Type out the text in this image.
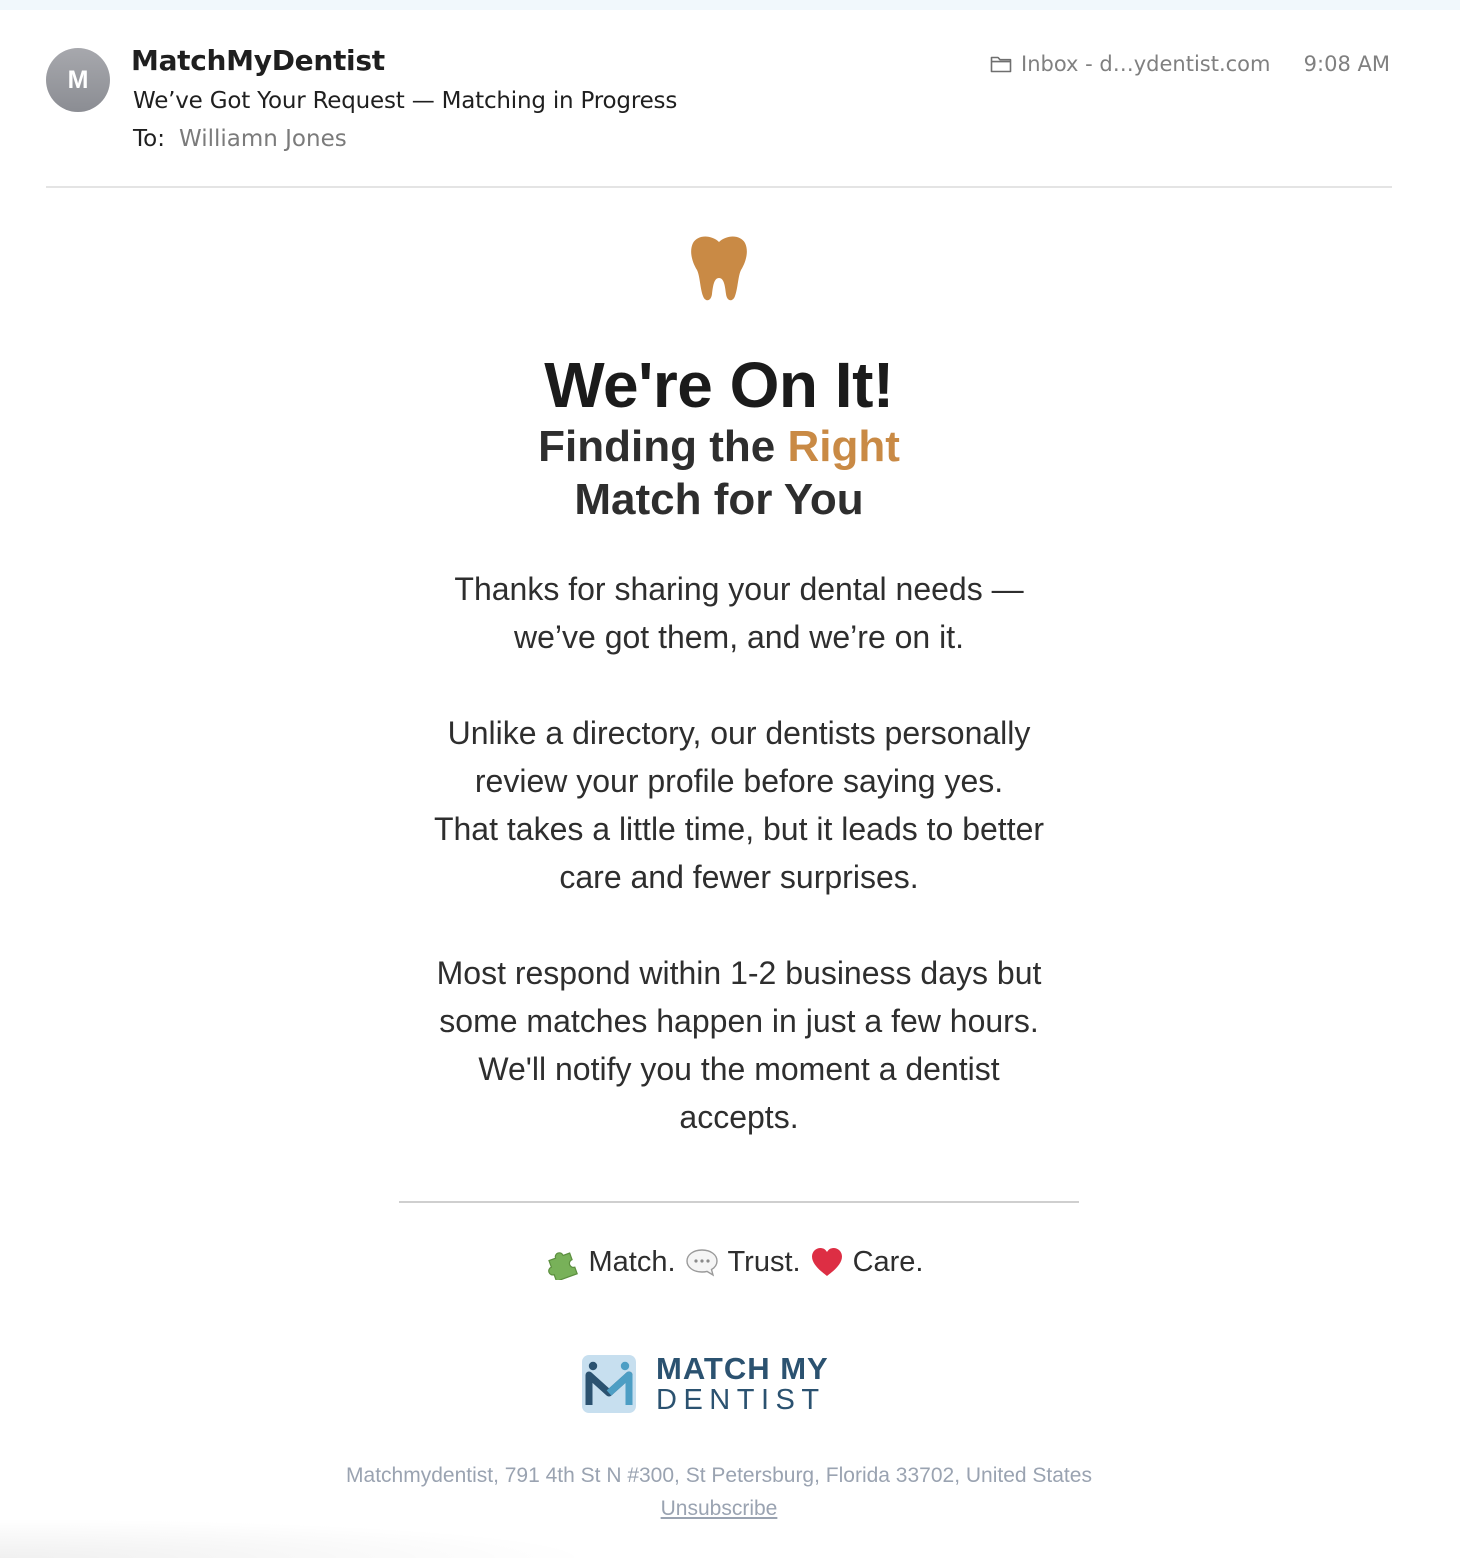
M
MatchMyDentist
We’ve Got Your Request — Matching in Progress
To: Williamn Jones
Inbox - d…ydentist.com 9:08 AM
We're On It!
Finding the Right
Match for You
Thanks for sharing your dental needs —
we’ve got them, and we’re on it.
Unlike a directory, our dentists personally
review your profile before saying yes.
That takes a little time, but it leads to better
care and fewer surprises.
Most respond within 1-2 business days but
some matches happen in just a few hours.
We'll notify you the moment a dentist
accepts.
Match. Trust. Care.
MATCH MY
DENTIST
Matchmydentist, 791 4th St N #300, St Petersburg, Florida 33702, United States
Unsubscribe
